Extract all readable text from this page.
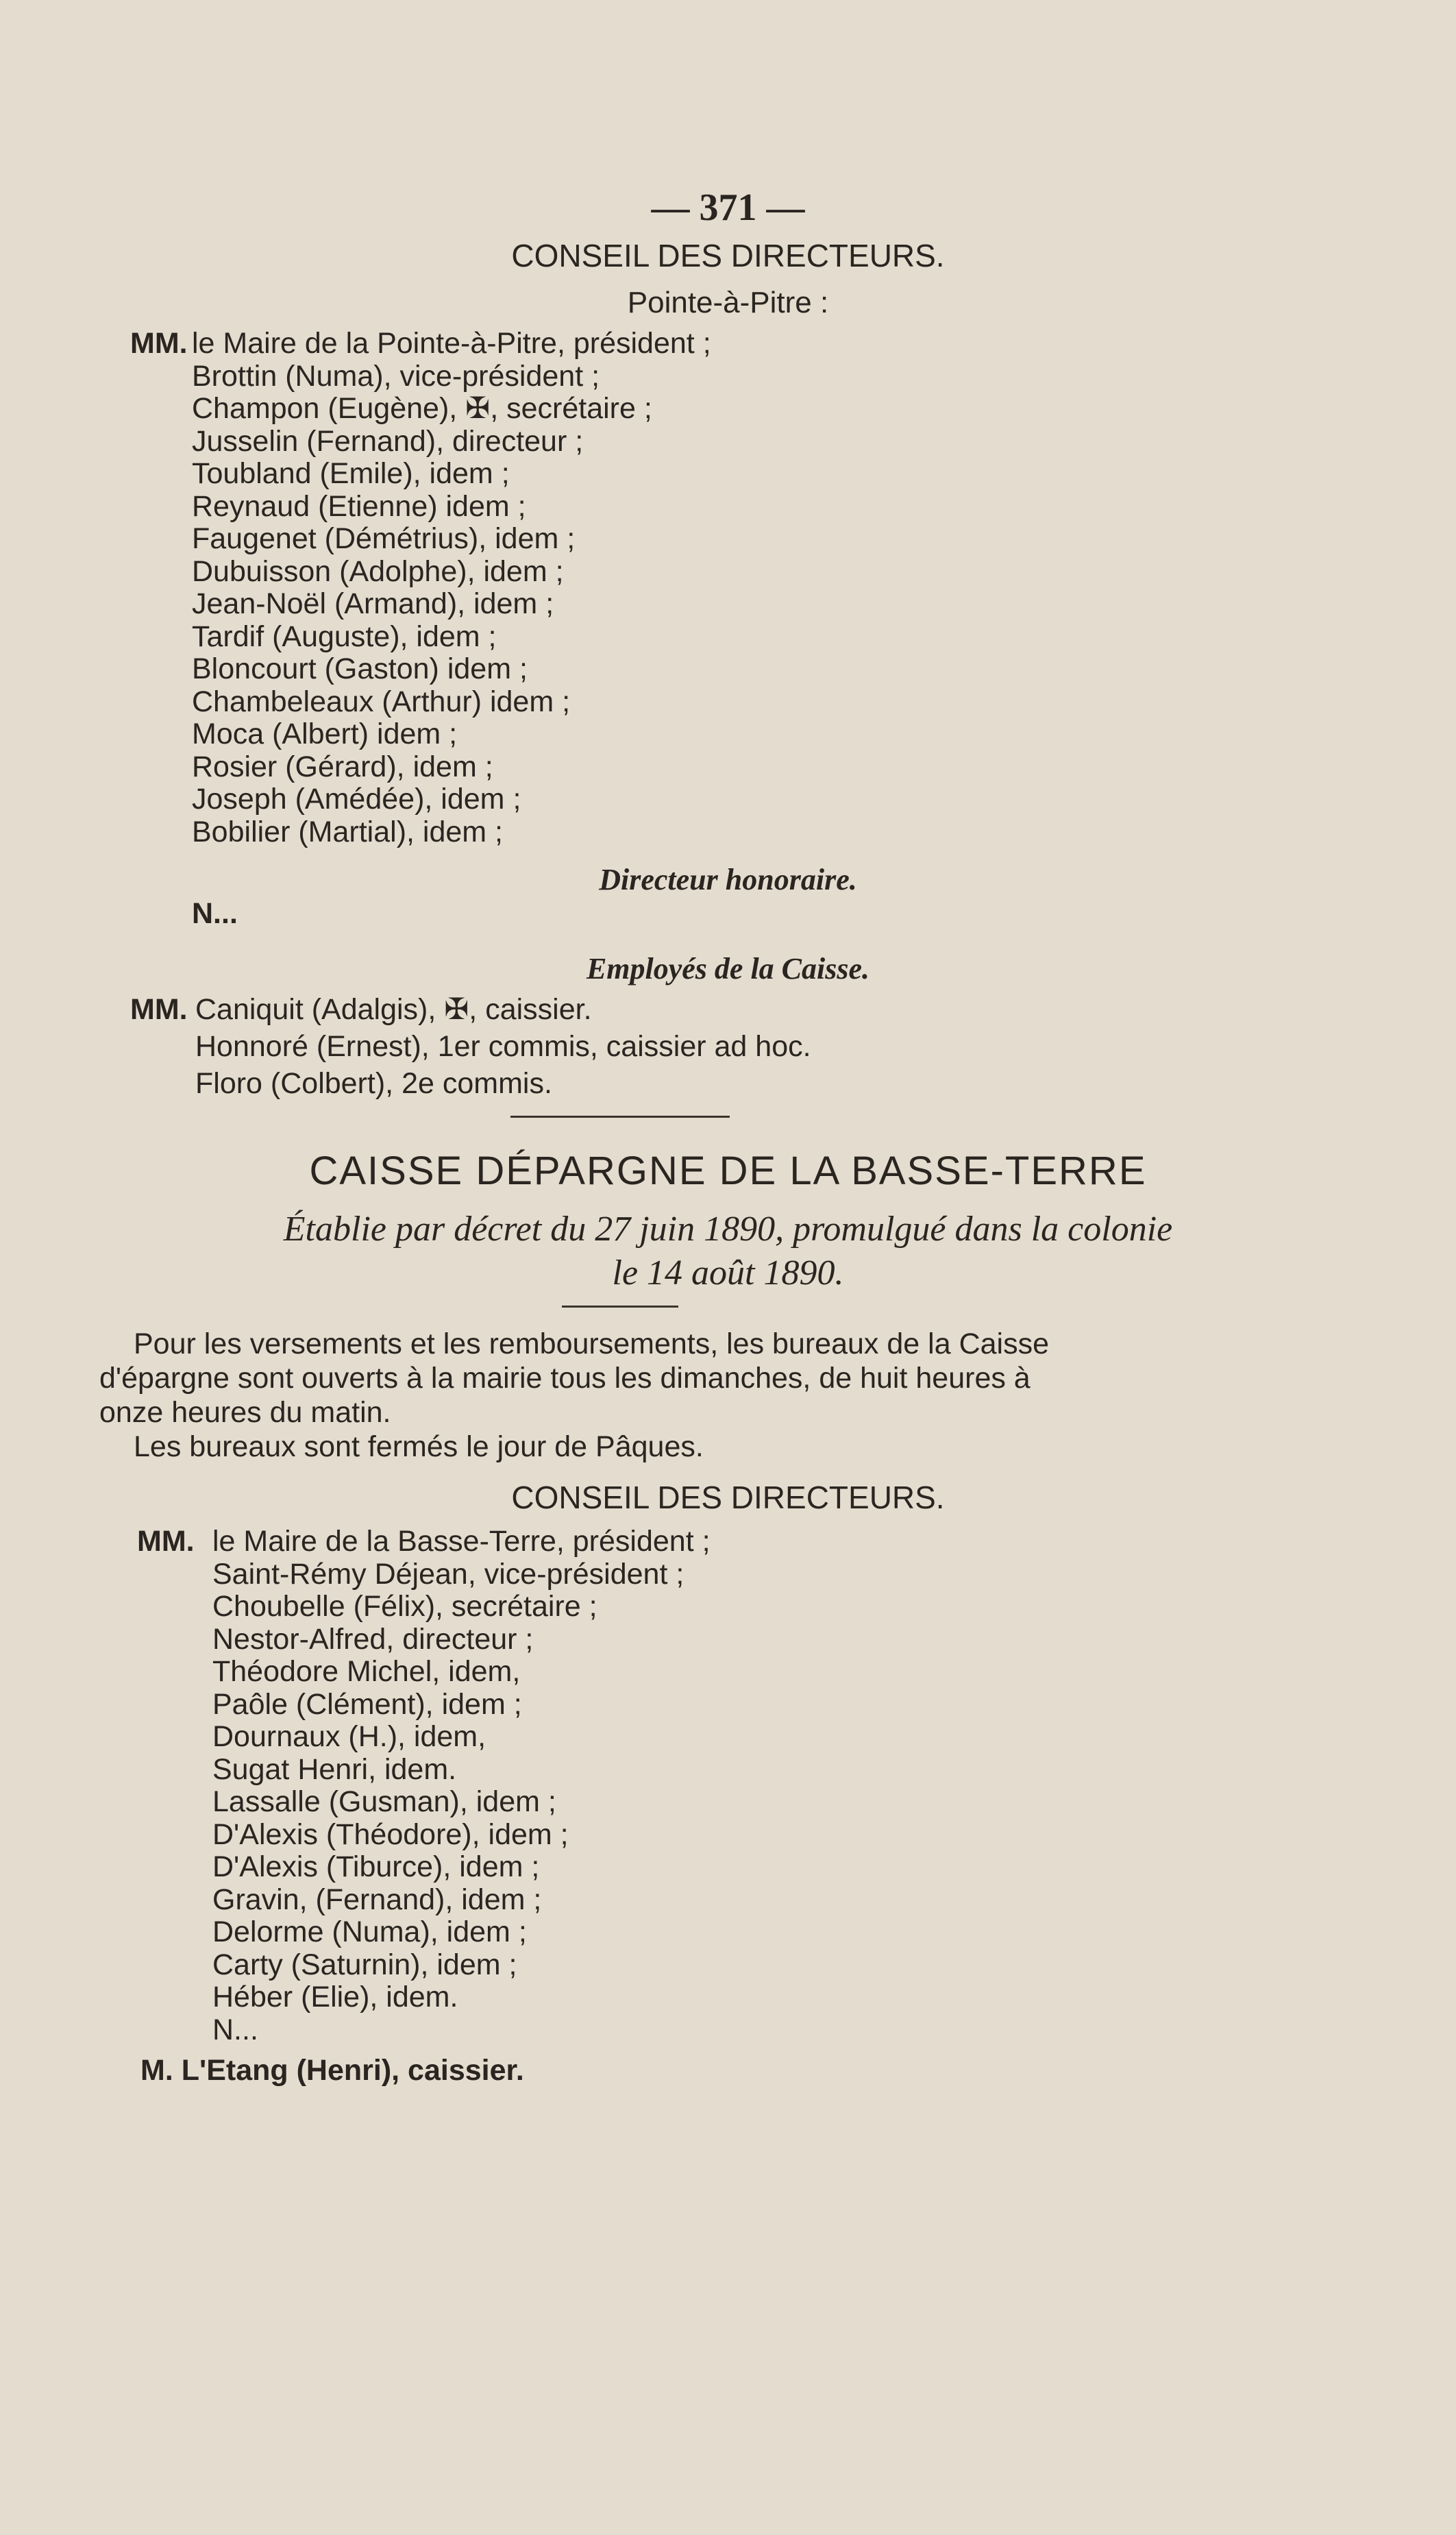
— 371 —
CONSEIL DES DIRECTEURS.
Pointe-à-Pitre :
MM. le Maire de la Pointe-à-Pitre, président ;
Brottin (Numa), vice-président ;
Champon (Eugène), ✠, secrétaire ;
Jusselin (Fernand), directeur ;
Toubland (Emile), idem ;
Reynaud (Etienne) idem ;
Faugenet (Démétrius), idem ;
Dubuisson (Adolphe), idem ;
Jean-Noël (Armand), idem ;
Tardif (Auguste), idem ;
Bloncourt (Gaston) idem ;
Chambeleaux (Arthur) idem ;
Moca (Albert) idem ;
Rosier (Gérard), idem ;
Joseph (Amédée), idem ;
Bobilier (Martial), idem ;
Directeur honoraire.
N...
Employés de la Caisse.
MM. Caniquit (Adalgis), ✠, caissier.
Honnoré (Ernest), 1er commis, caissier ad hoc.
Floro (Colbert), 2e commis.
CAISSE DÉPARGNE DE LA BASSE-TERRE
Établie par décret du 27 juin 1890, promulgué dans la colonie
le 14 août 1890.
Pour les versements et les remboursements, les bureaux de la Caisse
d'épargne sont ouverts à la mairie tous les dimanches, de huit heures à
onze heures du matin.
Les bureaux sont fermés le jour de Pâques.
CONSEIL DES DIRECTEURS.
MM. le Maire de la Basse-Terre, président ;
Saint-Rémy Déjean, vice-président ;
Choubelle (Félix), secrétaire ;
Nestor-Alfred, directeur ;
Théodore Michel, idem,
Paôle (Clément), idem ;
Dournaux (H.), idem,
Sugat Henri, idem.
Lassalle (Gusman), idem ;
D'Alexis (Théodore), idem ;
D'Alexis (Tiburce), idem ;
Gravin, (Fernand), idem ;
Delorme (Numa), idem ;
Carty (Saturnin), idem ;
Héber (Elie), idem.
N...
M. L'Etang (Henri), caissier.
